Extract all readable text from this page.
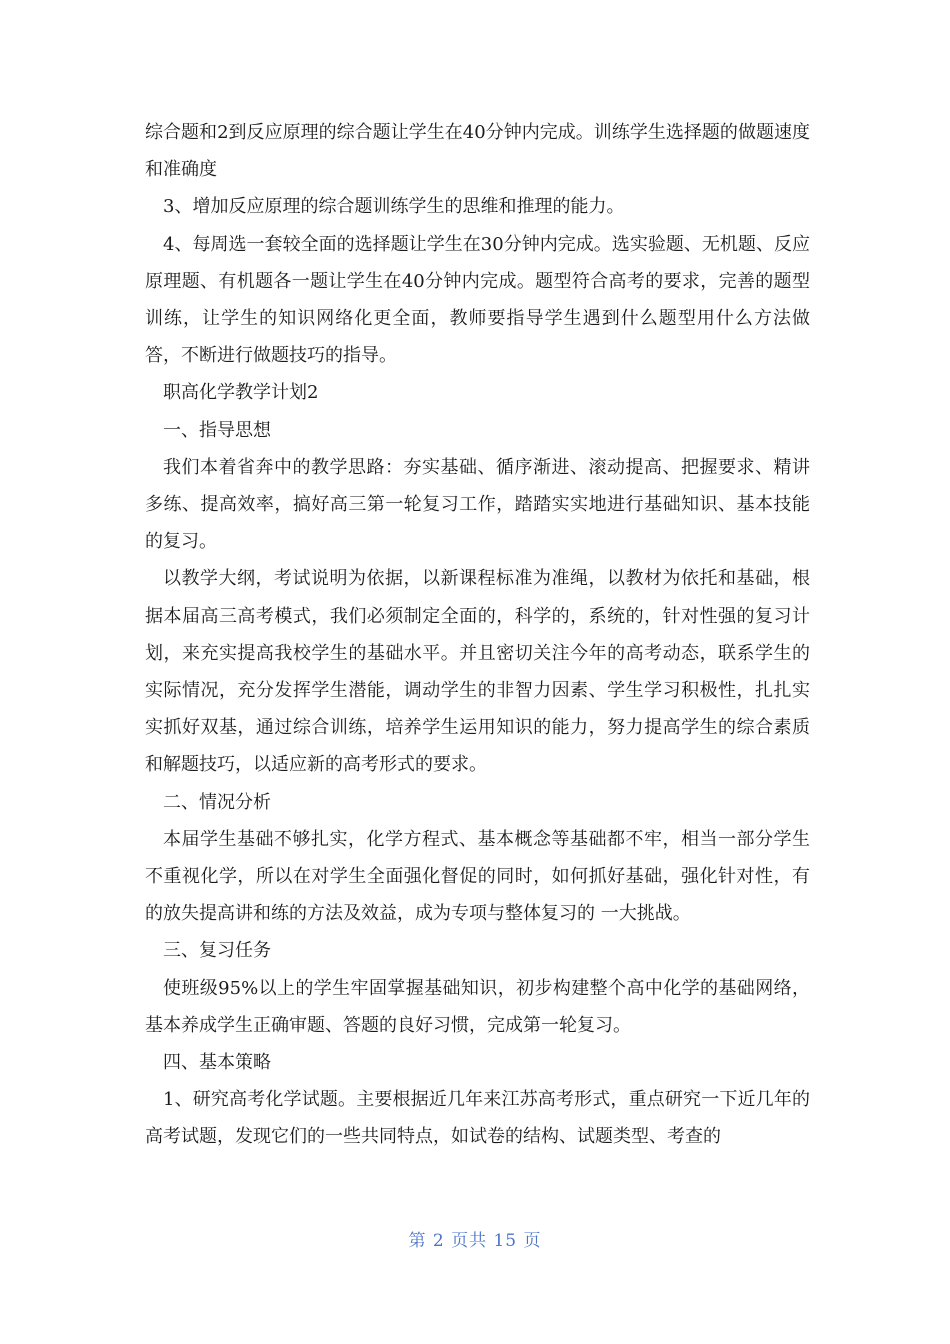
综合题和2到反应原理的综合题让学生在40分钟内完成。训练学生选择题的做题速度和准确度

3、增加反应原理的综合题训练学生的思维和推理的能力。

4、每周选一套较全面的选择题让学生在30分钟内完成。选实验题、无机题、反应原理题、有机题各一题让学生在40分钟内完成。题型符合高考的要求，完善的题型训练，让学生的知识网络化更全面，教师要指导学生遇到什么题型用什么方法做答，不断进行做题技巧的指导。

职高化学教学计划2

一、指导思想

我们本着省奔中的教学思路：夯实基础、循序渐进、滚动提高、把握要求、精讲多练、提高效率，搞好高三第一轮复习工作，踏踏实实地进行基础知识、基本技能的复习。

以教学大纲，考试说明为依据，以新课程标准为准绳，以教材为依托和基础，根据本届高三高考模式，我们必须制定全面的，科学的，系统的，针对性强的复习计划，来充实提高我校学生的基础水平。并且密切关注今年的高考动态，联系学生的实际情况，充分发挥学生潜能，调动学生的非智力因素、学生学习积极性，扎扎实实抓好双基，通过综合训练，培养学生运用知识的能力，努力提高学生的综合素质和解题技巧，以适应新的高考形式的要求。

二、情况分析

本届学生基础不够扎实，化学方程式、基本概念等基础都不牢，相当一部分学生不重视化学，所以在对学生全面强化督促的同时，如何抓好基础，强化针对性，有的放失提高讲和练的方法及效益，成为专项与整体复习的 一大挑战。

三、复习任务

使班级95%以上的学生牢固掌握基础知识，初步构建整个高中化学的基础网络，基本养成学生正确审题、答题的良好习惯，完成第一轮复习。

四、基本策略

1、研究高考化学试题。主要根据近几年来江苏高考形式，重点研究一下近几年的高考试题，发现它们的一些共同特点，如试卷的结构、试题类型、考查的

第 2 页共 15 页
